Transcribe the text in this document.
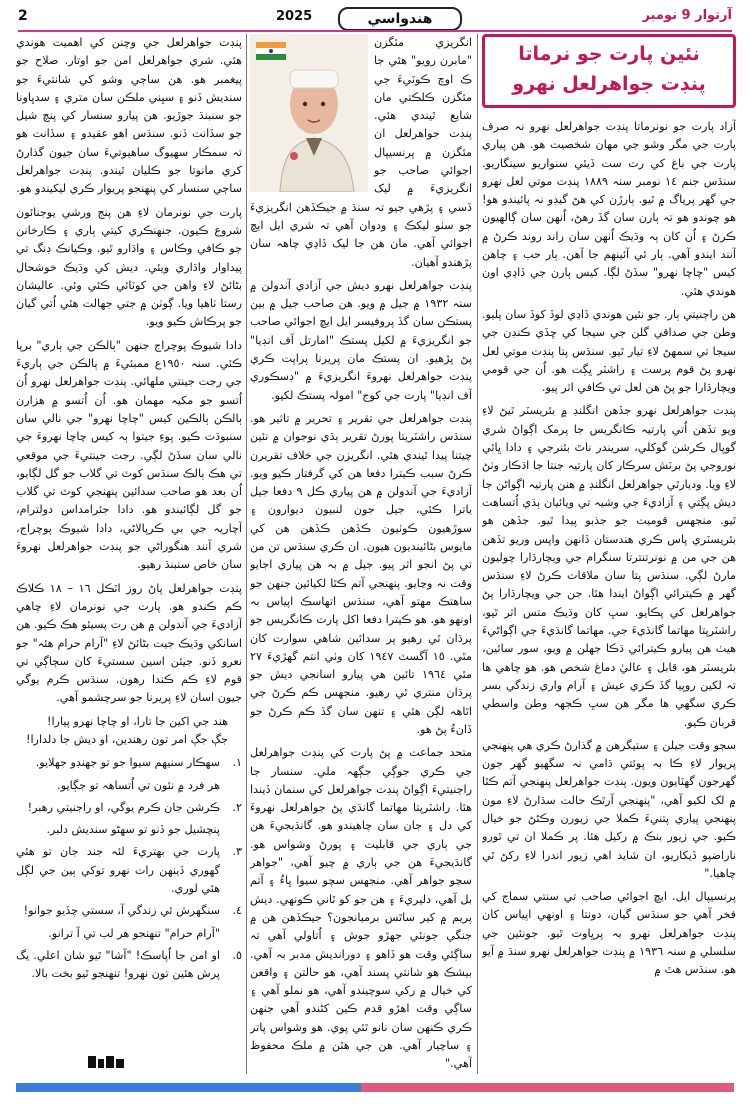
2	2025	هندواسي	آرتوار 9 نومبر
نئين پارت جو نرماتا
پنڊت جواهرلعل نهرو

آزاد پارت جو نونرماتا پنڊت جواهرلعل نهرو نہ صرف پارت جي مگر وشو جي مهان شخصيت هو. هن پياري پارت جي باغ کي رت ست ڏيئي سنواريو سينگاريو. سنڌس جنم ١٤ نومبر سنہ ١٨٨٩ پنڊت موتي لعل نهرو جي گهر پرياگ ۾ ٿيو. ٻارڙن کي هڻ گيڊو نہ پائيندو هو! هو چوندو هو تہ ٻارن سان گڏ رهڻ، اُنهن سان ڳالهيون ڪرڻ ۽ اُن کان ٻہ وڌيڪ اُنهن سان راند روند ڪرڻ ۾ آنند ايندو آهي. ٻار ئي آئينهم جا آهن. ٻار حب ۽ چاهن کيس "چاچا نهرو" سڏڻ لڳا. کيس ٻارن جي ڏاڍي اون هوندي هئي.

هن راڄنيتي ٻار. جو نئين هوندي ڏاڍي لوڏ کوڏ سان پليو. وطن جي صداقي گلن جي سيجا کي ڇڏي ڪنڊن جي سيجا تي سمهڻ لاءِ تيار ٿيو. سنڌس پتا پنڊت موتي لعل نهرو پڻ قوم پرست ۽ راشٽر ڀڳت هو. اُن جي قومي ويچارڌارا جو پڻ هن لعل تي ڪافي اثر پيو.

پنڊت جواهرلعل نهرو جڏهن انگلنڊ ۾ بئريسٽر ٿيڻ لاءِ ويو تڏهن اُتي پارتيہ ڪانگريس جا پرمک اڳواڻ شري گوپال ڪرشن گوکلي، سريندر ناٿ بئنرجي ۽ دادا ڀائي نوروجي پڻ برٽش سرڪار کان پارتيہ جنتا جا اڌڪار وٺڻ لاءِ ويا. وديارٿي جواهرلعل انگلنڊ ۾ هنن پارتيہ اڳواڻن جا ديش پڳتي ۽ آزاديءَ جي وشيہ تي ويائيان ٻڌي اُتساهت ٿيو. منجهس قوميت جو جذبو پيدا ٿيو. جڏهن هو بئريسٽري پاس ڪري هندستان ڏانهن واپس وريو تڏهن هن جي من ۾ نونرتنترتا سنگرام جي ويچارڌارا چوليون مارڻ لڳي. سنڌس پتا سان ملاقات ڪرڻ لاءِ سنڌس گهر ۾ ڪيترائي اڳواڻ ايندا هئا. جن جي ويچارڌارا پڻ جواهرلعل کي پڪايو. سڀ کان وڌيڪ متس اثر ٿيو، راشٽرپتا مهاتما گانڌيءَ جي. مهاتما گانڌيءَ جي اڳواڻيءَ هيٺ هن پيارو ڪيترائي ڌڪا جهلن ۾ ويو، سور سائين، بئريسٽر هو، قابل ۽ عاليٰ دماغ شخص هو. هو چاهي ها تہ لکين روپيا گڏ ڪري عيش ۽ آرام واري زندگي بسر ڪري سگهي ها مگر هن سڀ ڪجهہ وطن واسطي قربان ڪيو.

سڄو وقت جيلن ۽ ستيگرهن ۾ گذارڻ ڪري هي پنهنجي پريوار لاءِ ڪا بہ پوئتي ڌامي نہ سگهيو گهر جون گهرجون گهٽايون ويون. پنڊت جواهرلعل پنهنجي آتم ڪٿا ۾ لک لکيو آهي، "پنهنجي آرٿڪ حالت سڌارڻ لاءِ مون پنهنجي پياري پتنيءَ ڪملا جي زيورن وڪڻڻ جو خيال ڪيو. جي زيور بنڪ ۾ رکيل هئا. پر ڪملا ان تي ٿورو ناراضپو ڏيکاريو، ان شايد اهي زيور اندرا لاءِ رکڻ ٿي چاهيا."

پرنسيپال ايل. ايڇ اجوائي صاحب تي سنتي سماج کي فخر آهي جو سنڌس گيان، دونتا ۽ اونهي اپياس کان پنڊت جواهرلعل نهرو بہ پرڀاوت ٿيو. جونئين جي سلسلي ۾ سنہ ١٩٣٦ ۾ پنڊت جواهرلعل نهرو سنڌ ۾ آيو هو. سنڌس هٿ ۾

انگريزي مئگزن "مابرن رويو" هئي جا ڪ اوچ ڪوٽيءَ جي مئگزن ڪلڪتي مان شايع ٿيندي هئي. پنڊت جواهرلعل ان مئگزن ۾ پرنسيپال اجوائي صاحب جو انگريزيءَ ۾ ليک ڏسي ۽ پڙهي جيو تہ سنڌ ۾ جيڪڏهن انگريزيءَ جو سٺو ليکڪ ۽ ودوان آهي تہ شري ايل ايڇ اجوائي آهي. مان هن جا ليک ڏاڍي چاهہ سان پڙهندو آهيان.

پنڊت جواهرلعل نهرو ديش جي آزادي آندولن ۾ سنہ ١٩٣٢ ۾ جيل ۾ ويو. هن صاحب جيل ۾ بين پستڪن سان گڏ پروفيسر ايل ايڇ اجوائي صاحب جو انگريزيءَ ۾ لکيل پستڪ "امارتل آف انڊيا" پڻ پڙهيو. ان پستڪ مان پريرنا پراپت ڪري پنڊت جواهرلعل نهروءَ انگريزيءَ ۾ "ڊسڪوري آف انڊيا" پارت جي کوج" امولہ پستڪ لکيو.

پنڊت جواهرلعل جي تقرير ۽ تحرير ۾ تاثير هو. سنڌس راشٽريتا پورڻ تقرير ٻڌي نوجوان ۾ نئين چيتنا پيدا ٿيندي هئي. انگريزن جي خلاف تقريرن ڪرڻ سبب ڪيترا دفعا هن کي گرفتار ڪيو ويو. آزاديءَ جي آندولن ۾ هن پياري ڪل ٩ دفعا جيل ياترا ڪئي، جيل جون لنبيون ديوارون ۽ سوڙهيون ڪوٺيون ڪڏهن ڪڏهن هن کي مايوس بڻائينديون هيون. ان ڪري سنڌس تن من تي پڻ انجو اثر پيو. جيل ۾ بہ هن پياري اجايو وقت نہ وڃايو. پنهنجي آتم ڪٿا لکيائين جنهن جو ساهتڪ مهتو آهي، سنڌس اتهاسڪ اپياس بہ اونهو هو. هو ڪيترا دفعا اکل پارت ڪانگريس جو پرڌان ٿي رهيو پر سدائين شاهي سوارت کان مٿي. ١٥ آگسٽ ١٩٤٧ کان وٺي انتم گهڙيءَ ٢٧ مئي ١٩٦٤ تائين هي پيارو اسانجي ديش جو پرڌان منتري ٿي رهيو. منجهس ڪم ڪرڻ جي اٿاهہ لڳن هئي ۽ تنهن سان گڏ ڪم ڪرڻ جو ڏانءُ پڻ هو.

متحد جماعت ۾ پڻ پارت کي پنڊت جواهرلعل جي ڪري جوڳي جڳهہ ملي. سنسار جا راڄنيتيءَ اڳواڻ پنڊت جواهرلعل کي سنمان ڏيندا هئا. راشٽرپتا مهاتما گانڌي پڻ جواهرلعل نهروءَ کي دل ۽ جان سان چاهيندو هو. گانڌيجيءَ هن جي ٻاري جي قابليت ۽ پورڻ وشواس هو. گانڌيجيءَ هن جي ٻاري ۾ چيو آهي، "جواهر سچو جواهر آهي. منجهس سچو سيوا ڀاءُ ۽ آتم بل آهي، دليريءَ ۽ هن جو کو ٿاني ڪونهي. ديش پريم ۾ کير ساٿس برميانجون؟ جيڪڏهن هن ۾ جنگي جونئي جهڙو جوش ۽ اُتاولي آهي تہ ساڳئي وقت هو ڏاهو ۽ دورانديش مدبر بہ آهي. بيشڪ هو شانتي پسند آهي، هو حالتن ۽ واقعن کي خيال ۾ رکي سوچيندو آهي، هو نملو آهي ۽ ساڳي وقت اهڙو قدم ڪين کڻندو آهي جنهن ڪري ڪنهن سان نانو ٿئي پوي. هو وشواس پاتر ۽ ساچيار آهي. هن جي هٿن ۾ ملڪ محفوظ آهي."

پنڊت جواهرلعل جي وچنن کي اهميت هوندي هئي. شري جواهرلعل امن جو اوتار. صلاح جو پيغمبر هو. هن ساڄي وشو کي شانتيءَ جو سنديش ڏنو ۽ سڀني ملڪن سان متري ۽ سدڀاونا جو سنبنڌ جوڙيو. هن پيارو سنسار کي پنچ شيل جو سڏانت ڏنو. سنڌس اهو عقيدو ۽ سڏانت هو تہ سمڪار سهيوگ ساهيوتيءَ سان جيون گذارڻ کري مانوتا جو ڪليان ٿيندو. پنڊت جواهرلعل ساڄي سنسار کي پنهنجو پريوار ڪري ليکيندو هو.

پارت جي نونرمان لاءِ هن پنج ورشي يوجنائون شروع ڪيون. جنهنڪري کيتي ٻاري ۽ ڪارخانن جو ڪافي وڪاس ۽ واڌارو ٿيو. وڪيانڪ ڊنگ تي پيداوار واڌاري ويئي. ديش کي وڌيڪ خوشحال بڻائڻ لاءِ واهن جي کوٽائي ڪئي وئي. عاليشان رستا ٺاهيا ويا. ڳوٺن ۾ جتي جهالت هئي اُتي گيان جو پرڪاش ڪيو ويو.

دادا شيوڪ پوچراج جنهن "ٻالڪن جي ٻاري" برپا ڪئي. سنہ ١٩٥٠ع ممبئيءَ ۾ ٻالڪن جي ٻاريءَ جي رجت جينتي ملهائي. پنڊت جواهرلعل نهرو اُن اُتسو جو مکيہ مهمان هو. اُن اُتسو ۾ هزارن ٻالڪن ٻالڪين کيس "چاچا نهرو" جي نالي سان سنبوڌت ڪيو. پوءِ جيتوا ٻہ کيس چاچا نهروءَ جي نالي سان سڏڻ لڳي. رجت جينتيءَ جي موقعي تي هڪ ٻالڪ سنڌس کوٽ تي گلاب جو گل لڳايو، اُن بعد هو صاحب سدائين پنهنجي کوٽ تي گلاب جو گل لڳائيندو هو. دادا جئرامداس دولترام، آچاريہ جي بي ڪرپالاڻي، دادا شيوڪ پوچراج، شري آنند هنگوراڻي جو پنڊت جواهرلعل نهروءَ سان خاص سنبنڌ رهيو.

پنڊت جواهرلعل پاڻ روز اٽڪل ١٦ – ١٨ ڪلاڪ ڪم ڪندو هو. پارت جي نونرمان لاءِ چاهي آزاديءَ جي آندولن ۾ هن رت پسيئو هڪ ڪيو. هن اسانکي وڌيڪ جيت بڻائڻ لاءِ "آرام حرام هئہ" جو نعرو ڏنو. جيئن اسين سستيءَ کان سڄاڳي تي قوم لاءِ ڪم ڪندا رهون. سنڌس ڪرم يوگي جيون اسان لاءِ پريرنا جو سرچشمو آهي.

هند جي اکين جا تارا، او چاچا نهرو پيارا!

جڳ جڳ امر تون رهندين، او ديش جا دلدارا!

١.
سهڪار سنيهم سيوا جو تو جهنڊو جهلايو.
هر فرد ۾ نئون تي اُتساهہ تو جڳايو.
٢.
ڪرشن جان ڪرم يوگي، او راجنيتي رهبر!
پنچشيل جو ڏنو تو سهڻو سنديش دلبر.
٣.
پارت جي بهتريءَ لئہ جند جان تو هئي گهوري ڏينهن رات نهرو توکي ٻين جي لڳل هئي لوري.
٤.
سنگهرش ئي زندگي آ، سستي چڏيو جوانو!
"آرام حرام" تنهنجو هر لب تي آ ترانو.
٥.
او امن جا اُپاسڪ! "آشا" ٿيو شان اعلي. يگ پرش هئين تون نهرو! تنهنجو ٿيو بخت بالا.
